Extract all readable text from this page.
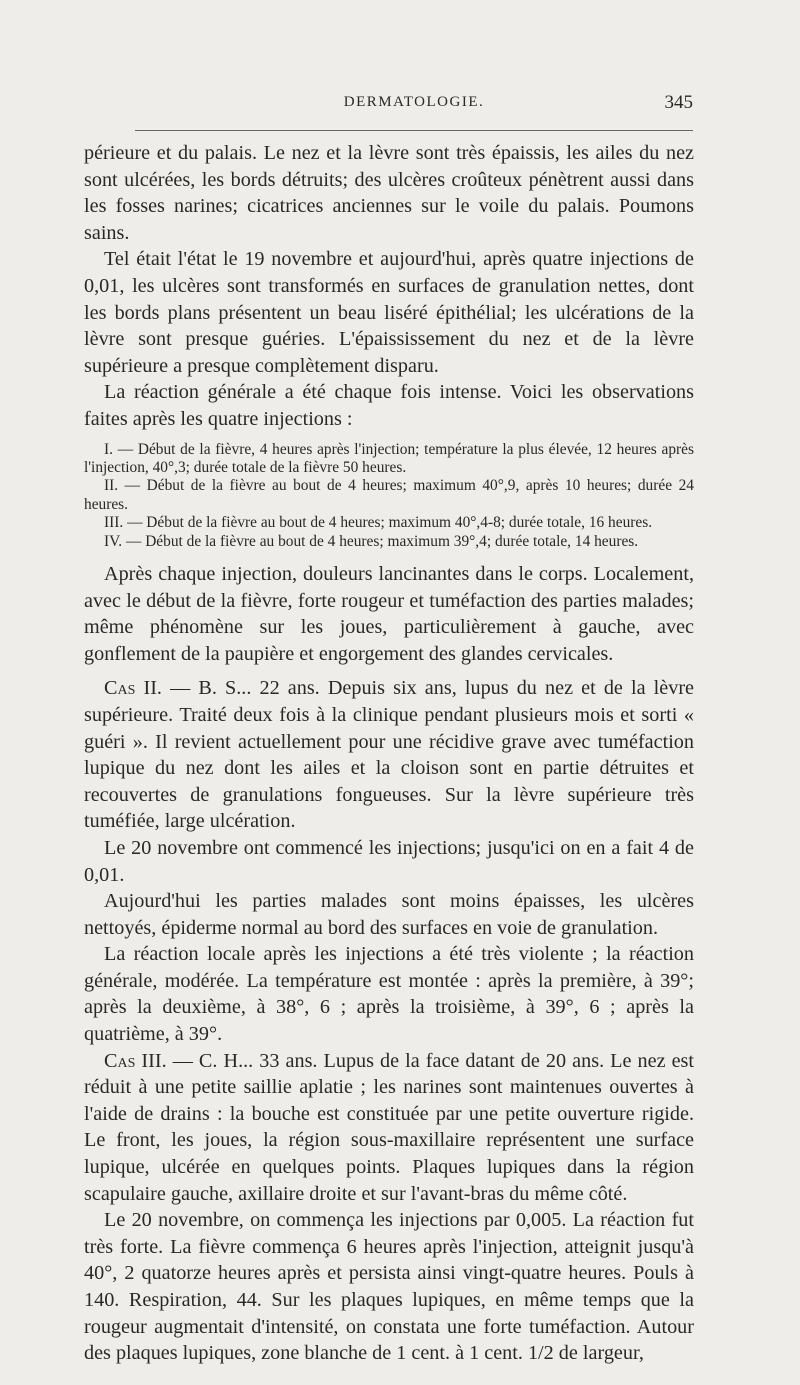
DERMATOLOGIE.	345

périeure et du palais. Le nez et la lèvre sont très épaissis, les ailes du nez sont ulcérées, les bords détruits; des ulcères croûteux pénètrent aussi dans les fosses narines; cicatrices anciennes sur le voile du palais. Poumons sains.

Tel était l'état le 19 novembre et aujourd'hui, après quatre injections de 0,01, les ulcères sont transformés en surfaces de granulation nettes, dont les bords plans présentent un beau liséré épithélial; les ulcérations de la lèvre sont presque guéries. L'épaississement du nez et de la lèvre supérieure a presque complètement disparu.

La réaction générale a été chaque fois intense. Voici les observations faites après les quatre injections :

I. — Début de la fièvre, 4 heures après l'injection; température la plus élevée, 12 heures après l'injection, 40°,3; durée totale de la fièvre 50 heures.

II. — Début de la fièvre au bout de 4 heures; maximum 40°,9, après 10 heures; durée 24 heures.

III. — Début de la fièvre au bout de 4 heures; maximum 40°,4-8; durée totale, 16 heures.

IV. — Début de la fièvre au bout de 4 heures; maximum 39°,4; durée totale, 14 heures.

Après chaque injection, douleurs lancinantes dans le corps. Localement, avec le début de la fièvre, forte rougeur et tuméfaction des parties malades; même phénomène sur les joues, particulièrement à gauche, avec gonflement de la paupière et engorgement des glandes cervicales.

Cas II. — B. S... 22 ans. Depuis six ans, lupus du nez et de la lèvre supérieure. Traité deux fois à la clinique pendant plusieurs mois et sorti « guéri ». Il revient actuellement pour une récidive grave avec tuméfaction lupique du nez dont les ailes et la cloison sont en partie détruites et recouvertes de granulations fongueuses. Sur la lèvre supérieure très tuméfiée, large ulcération.

Le 20 novembre ont commencé les injections; jusqu'ici on en a fait 4 de 0,01.

Aujourd'hui les parties malades sont moins épaisses, les ulcères nettoyés, épiderme normal au bord des surfaces en voie de granulation.

La réaction locale après les injections a été très violente ; la réaction générale, modérée. La température est montée : après la première, à 39°; après la deuxième, à 38°, 6 ; après la troisième, à 39°, 6 ; après la quatrième, à 39°.

Cas III. — C. H... 33 ans. Lupus de la face datant de 20 ans. Le nez est réduit à une petite saillie aplatie ; les narines sont maintenues ouvertes à l'aide de drains : la bouche est constituée par une petite ouverture rigide. Le front, les joues, la région sous-maxillaire représentent une surface lupique, ulcérée en quelques points. Plaques lupiques dans la région scapulaire gauche, axillaire droite et sur l'avant-bras du même côté.

Le 20 novembre, on commença les injections par 0,005. La réaction fut très forte. La fièvre commença 6 heures après l'injection, atteignit jusqu'à 40°, 2 quatorze heures après et persista ainsi vingt-quatre heures. Pouls à 140. Respiration, 44. Sur les plaques lupiques, en même temps que la rougeur augmentait d'intensité, on constata une forte tuméfaction. Autour des plaques lupiques, zone blanche de 1 cent. à 1 cent. 1/2 de largeur,
